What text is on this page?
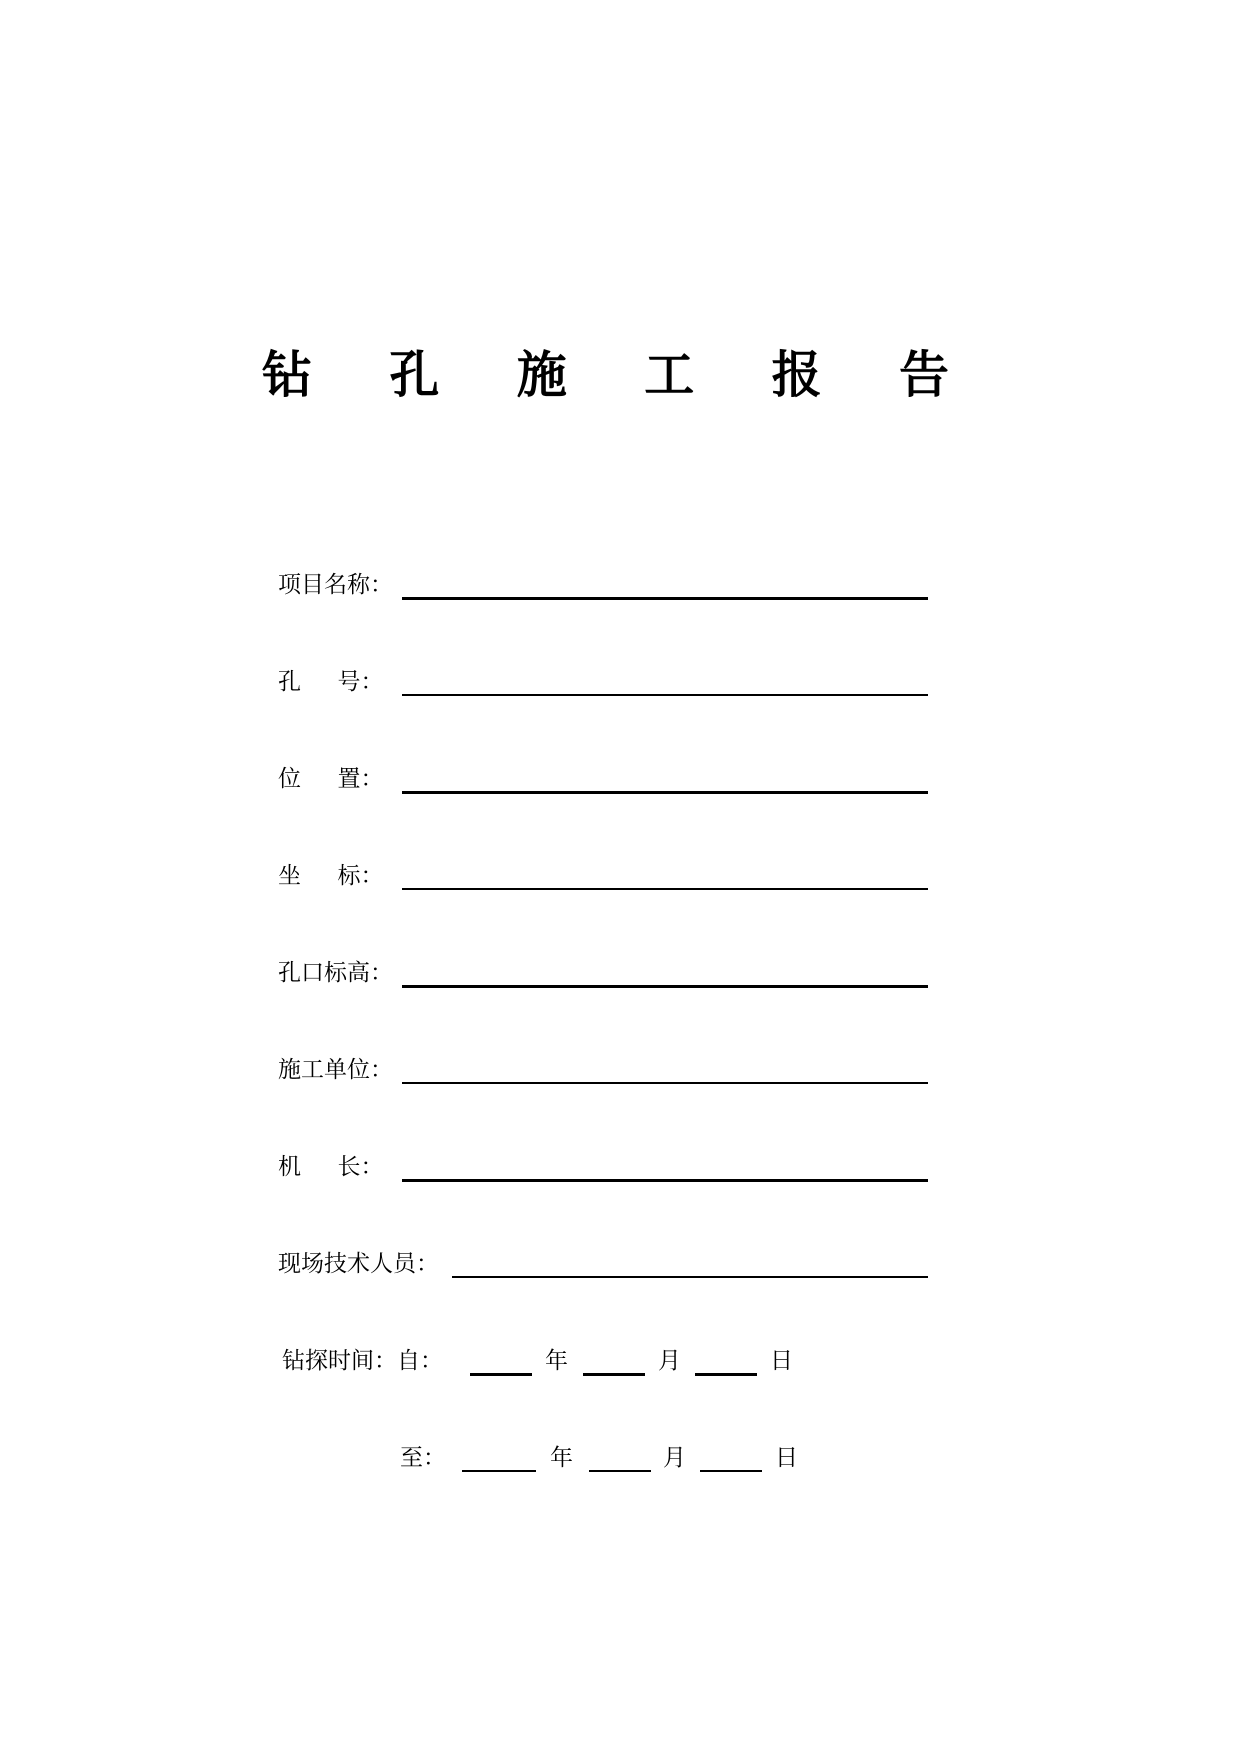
钻 孔 施 工 报 告
项目名称：
孔     号：
位     置：
坐     标：
孔口标高：
施工单位：
机     长：
现场技术人员：
钻探时间：自：	年	月	日
至：	年	月	日
